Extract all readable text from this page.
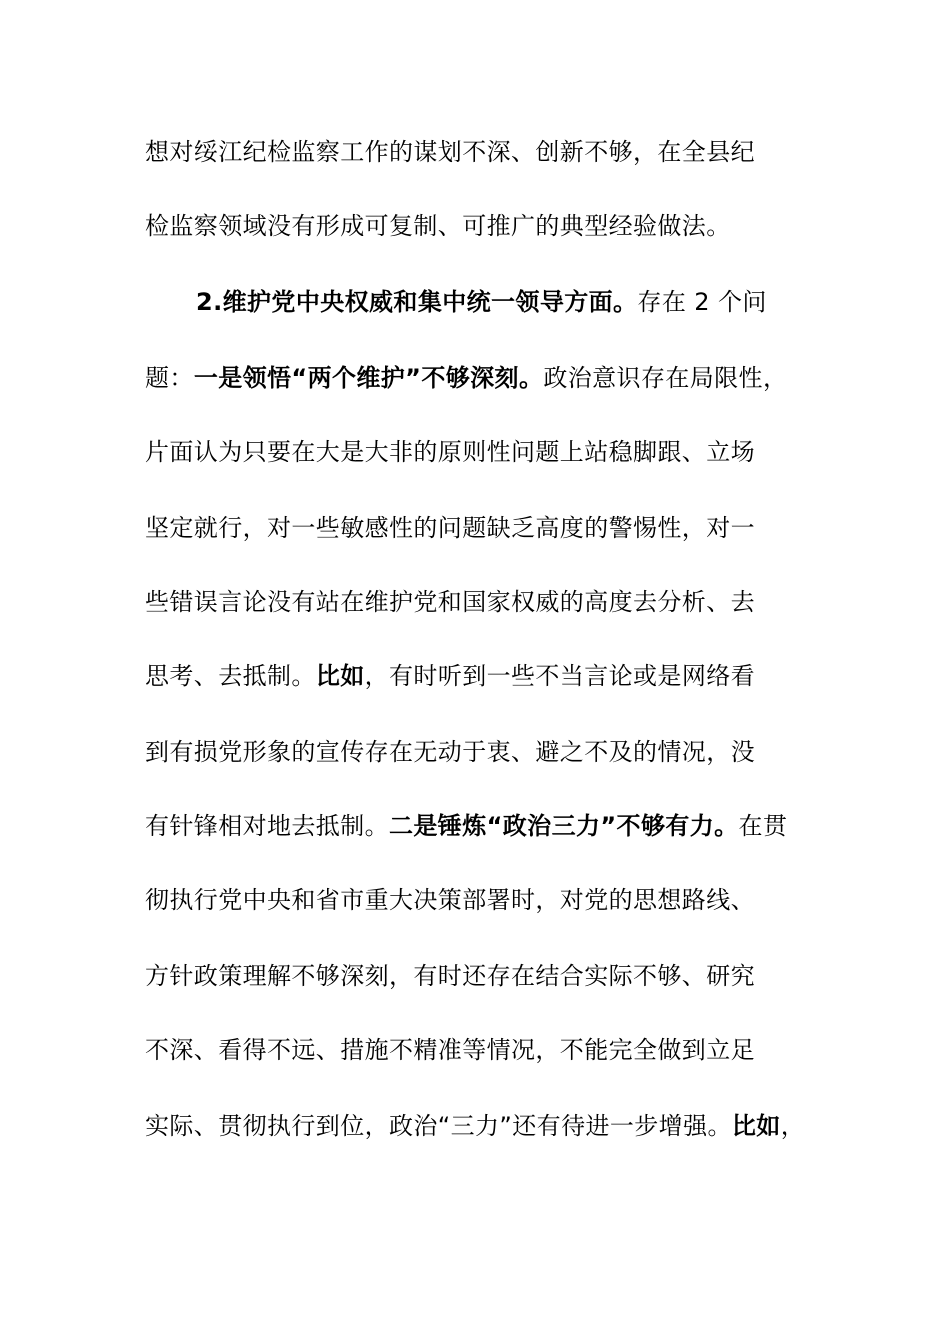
想对绥江纪检监察工作的谋划不深、创新不够，在全县纪
检监察领域没有形成可复制、可推广的典型经验做法。
2.维护党中央权威和集中统一领导方面。存在 2 个问
题：一是领悟“两个维护”不够深刻。政治意识存在局限性，
片面认为只要在大是大非的原则性问题上站稳脚跟、立场
坚定就行，对一些敏感性的问题缺乏高度的警惕性，对一
些错误言论没有站在维护党和国家权威的高度去分析、去
思考、去抵制。比如，有时听到一些不当言论或是网络看
到有损党形象的宣传存在无动于衷、避之不及的情况，没
有针锋相对地去抵制。二是锤炼“政治三力”不够有力。在贯
彻执行党中央和省市重大决策部署时，对党的思想路线、
方针政策理解不够深刻，有时还存在结合实际不够、研究
不深、看得不远、措施不精准等情况，不能完全做到立足
实际、贯彻执行到位，政治“三力”还有待进一步增强。比如，
